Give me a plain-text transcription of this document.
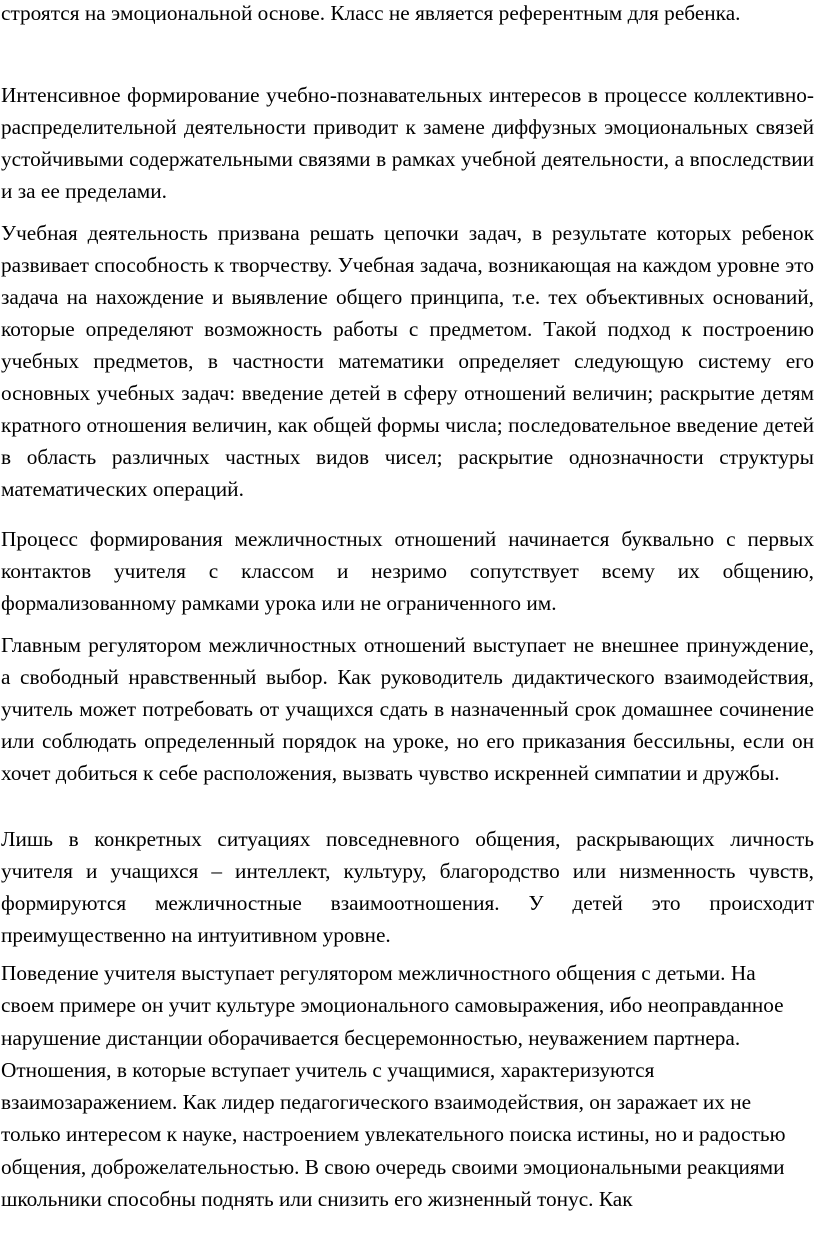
строятся на эмоциональной основе. Класс не является референтным для ребенка.

Интенсивное формирование учебно-познавательных интересов в процессе коллективно-распределительной деятельности приводит к замене диффузных эмоциональных связей устойчивыми содержательными связями в рамках учебной деятельности, а впоследствии и за ее пределами.

Учебная деятельность призвана решать цепочки задач, в результате которых ребенок развивает способность к творчеству. Учебная задача, возникающая на каждом уровне это задача на нахождение и выявление общего принципа, т.е. тех объективных оснований, которые определяют возможность работы с предметом. Такой подход к построению учебных предметов, в частности математики определяет следующую систему его основных учебных задач: введение детей в сферу отношений величин; раскрытие детям кратного отношения величин, как общей формы числа; последовательное введение детей в область различных частных видов чисел; раскрытие однозначности структуры математических операций.

Процесс формирования межличностных отношений начинается буквально с первых контактов учителя с классом и незримо сопутствует всему их общению, формализованному рамками урока или не ограниченного им.

Главным регулятором межличностных отношений выступает не внешнее принуждение, а свободный нравственный выбор. Как руководитель дидактического взаимодействия, учитель может потребовать от учащихся сдать в назначенный срок домашнее сочинение или соблюдать определенный порядок на уроке, но его приказания бессильны, если он хочет добиться к себе расположения, вызвать чувство искренней симпатии и дружбы.

Лишь в конкретных ситуациях повседневного общения, раскрывающих личность учителя и учащихся – интеллект, культуру, благородство или низменность чувств, формируются межличностные взаимоотношения. У детей это происходит преимущественно на интуитивном уровне.

Поведение учителя выступает регулятором межличностного общения с детьми. На своем примере он учит культуре эмоционального самовыражения, ибо неоправданное нарушение дистанции оборачивается бесцеремонностью, неуважением партнера. Отношения, в которые вступает учитель с учащимися, характеризуются взаимозаражением. Как лидер педагогического взаимодействия, он заражает их не только интересом к науке, настроением увлекательного поиска истины, но и радостью общения, доброжелательностью. В свою очередь своими эмоциональными реакциями школьники способны поднять или снизить его жизненный тонус. Как
